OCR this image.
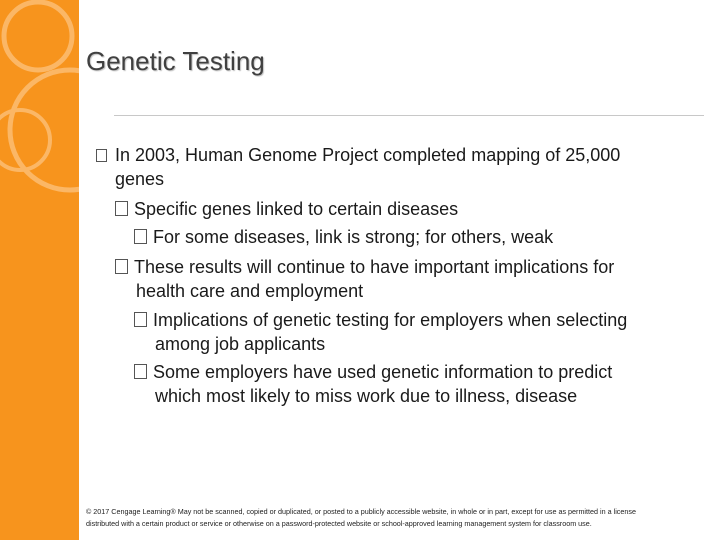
Genetic Testing
In 2003, Human Genome Project completed mapping of 25,000
genes
Specific genes linked to certain diseases
For some diseases, link is strong; for others, weak
These results will continue to have important implications for
health care and employment
Implications of genetic testing for employers when selecting
among job applicants
Some employers have used genetic information to predict
which most likely to miss work due to illness, disease
© 2017 Cengage Learning® May not be scanned, copied or duplicated, or posted to a publicly accessible website, in whole or in part, except for use as permitted in a license
distributed with a certain product or service or otherwise on a password-protected website or school-approved learning management system for classroom use.
